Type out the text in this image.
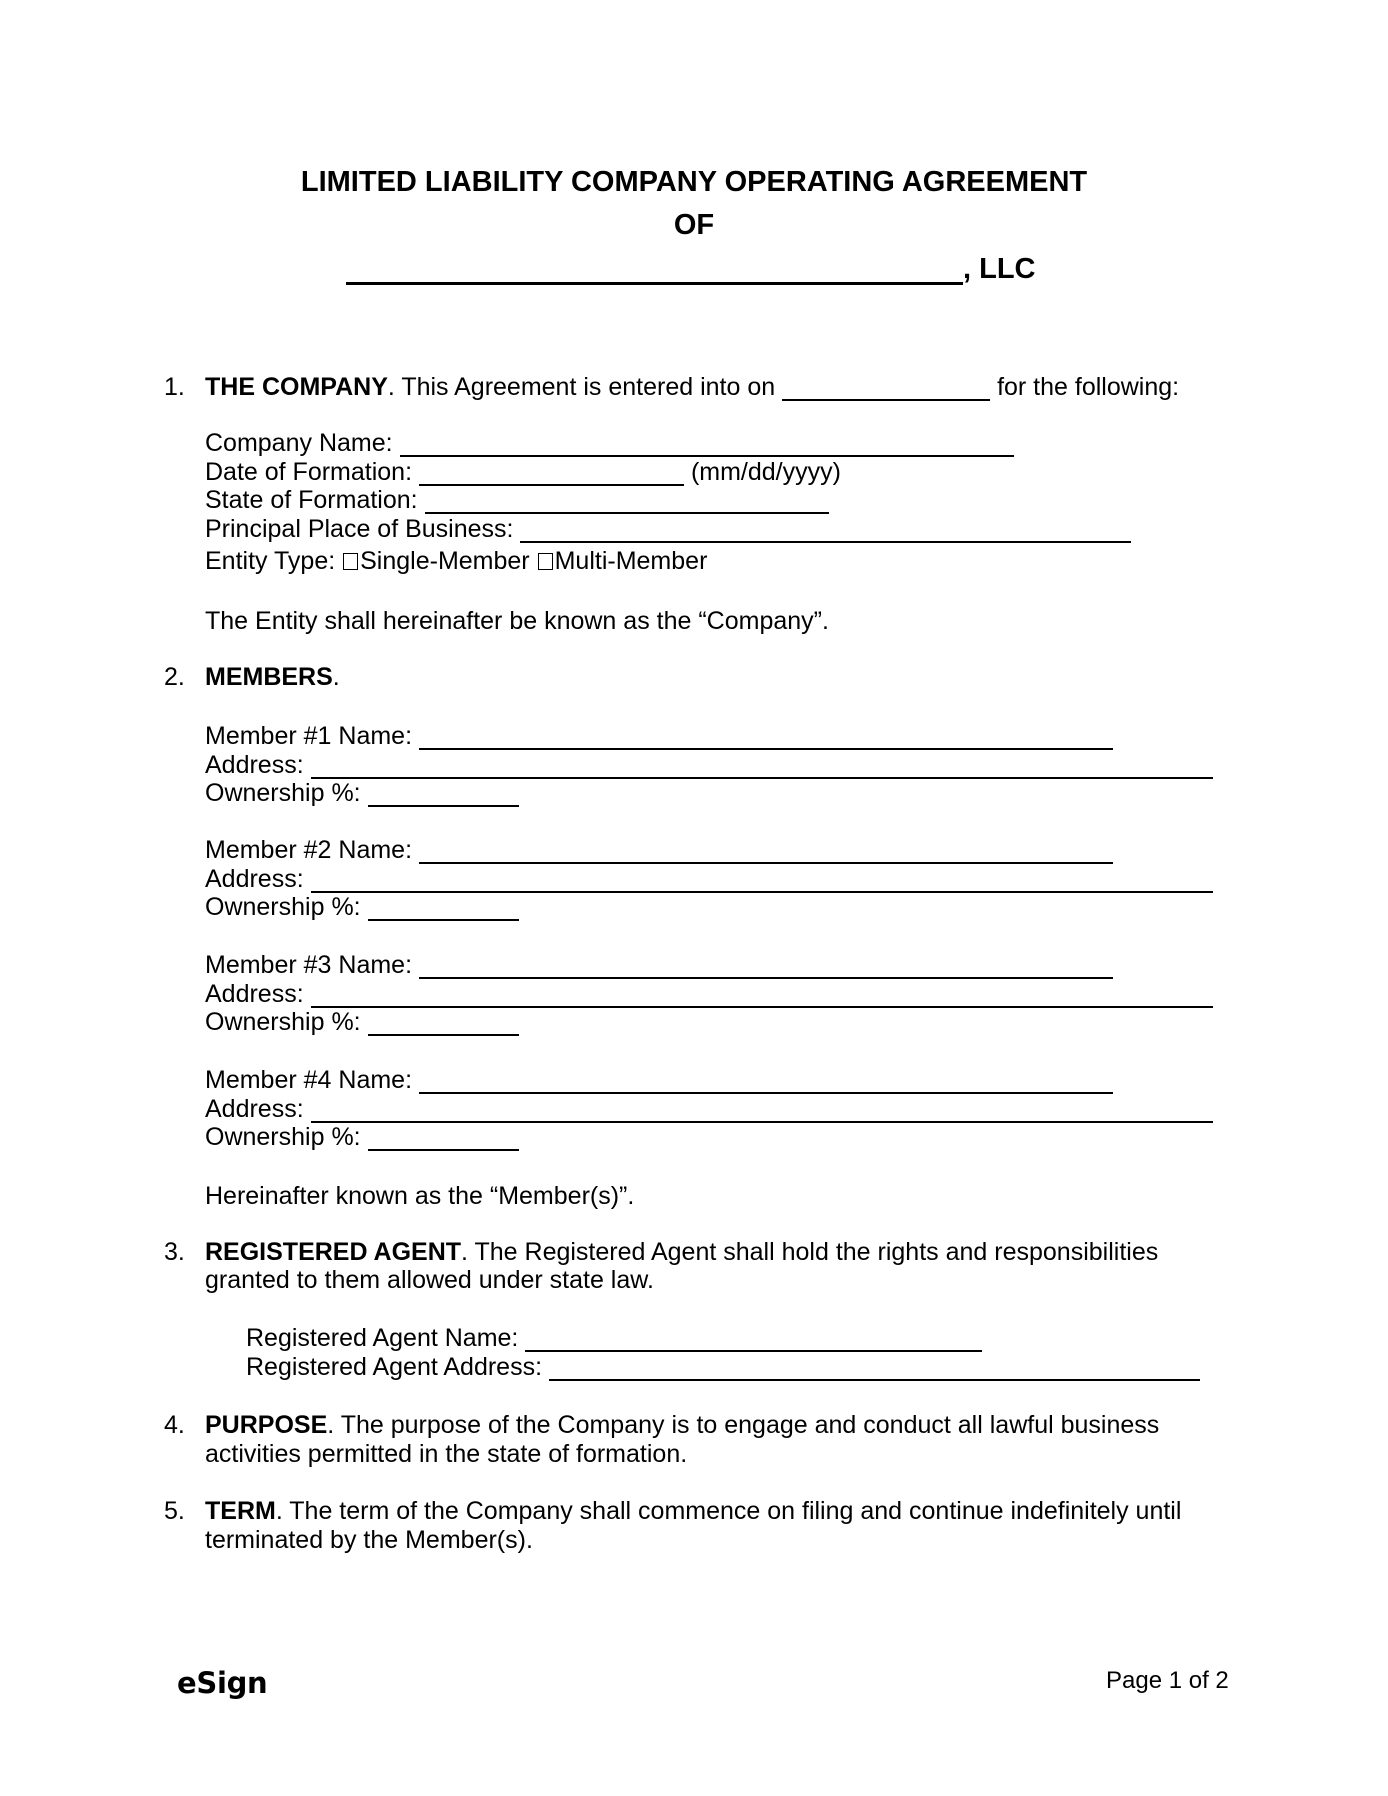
LIMITED LIABILITY COMPANY OPERATING AGREEMENT
OF
, LLC
1. THE COMPANY. This Agreement is entered into on	for the following:
Company Name:
Date of Formation:	(mm/dd/yyyy)
State of Formation:
Principal Place of Business:
Entity Type: Single-Member Multi-Member
The Entity shall hereinafter be known as the “Company”.
2. MEMBERS.
Member #1 Name:
Address:
Ownership %:
Member #2 Name:
Address:
Ownership %:
Member #3 Name:
Address:
Ownership %:
Member #4 Name:
Address:
Ownership %:
Hereinafter known as the “Member(s)”.
3. REGISTERED AGENT. The Registered Agent shall hold the rights and responsibilities
granted to them allowed under state law.
Registered Agent Name:
Registered Agent Address:
4. PURPOSE. The purpose of the Company is to engage and conduct all lawful business
activities permitted in the state of formation.
5. TERM. The term of the Company shall commence on filing and continue indefinitely until
terminated by the Member(s).
eSign	Page 1 of 2
